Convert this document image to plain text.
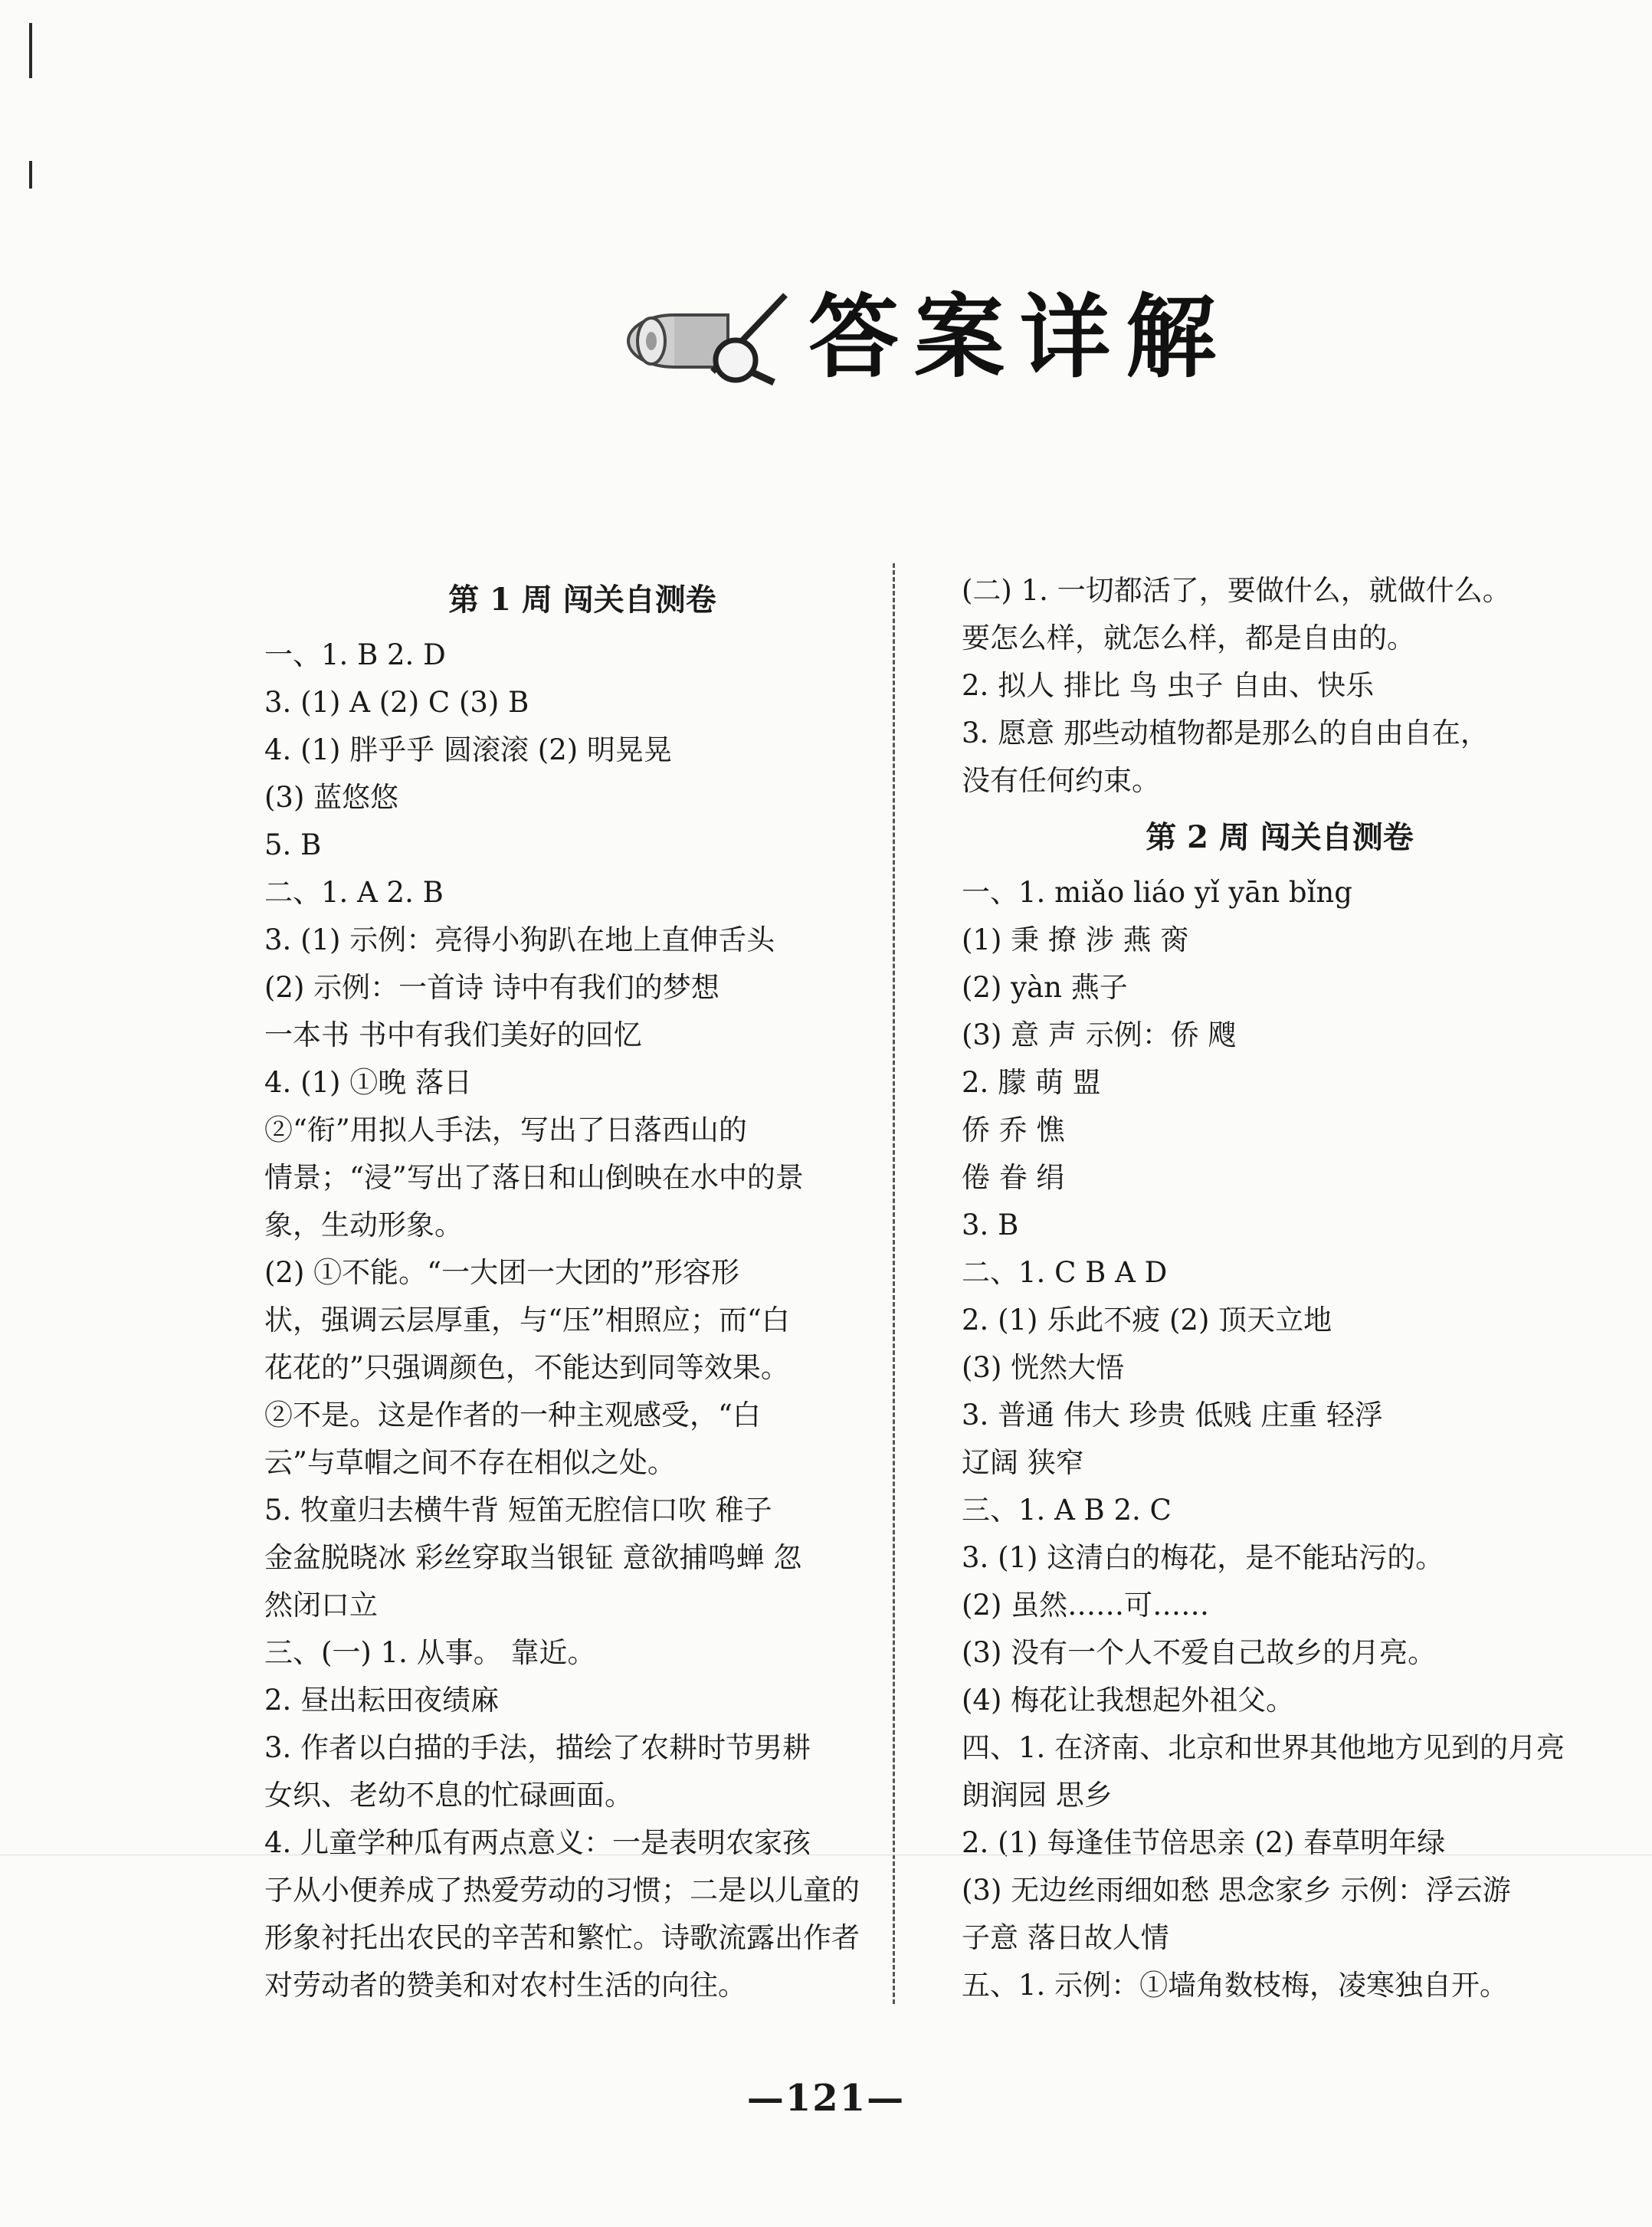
答案详解
第 1 周 闯关自测卷
一、1. B 2. D
3. (1) A (2) C (3) B
4. (1) 胖乎乎 圆滚滚 (2) 明晃晃
(3) 蓝悠悠
5. B
二、1. A 2. B
3. (1) 示例：亮得小狗趴在地上直伸舌头
(2) 示例：一首诗 诗中有我们的梦想
一本书 书中有我们美好的回忆
4. (1) ①晚 落日
②“衔”用拟人手法，写出了日落西山的
情景；“浸”写出了落日和山倒映在水中的景
象，生动形象。
(2) ①不能。“一大团一大团的”形容形
状，强调云层厚重，与“压”相照应；而“白
花花的”只强调颜色，不能达到同等效果。
②不是。这是作者的一种主观感受，“白
云”与草帽之间不存在相似之处。
5. 牧童归去横牛背 短笛无腔信口吹 稚子
金盆脱晓冰 彩丝穿取当银钲 意欲捕鸣蝉 忽
然闭口立
三、(一) 1. 从事。 靠近。
2. 昼出耘田夜绩麻
3. 作者以白描的手法，描绘了农耕时节男耕
女织、老幼不息的忙碌画面。
4. 儿童学种瓜有两点意义：一是表明农家孩
子从小便养成了热爱劳动的习惯；二是以儿童的
形象衬托出农民的辛苦和繁忙。诗歌流露出作者
对劳动者的赞美和对农村生活的向往。
(二) 1. 一切都活了，要做什么，就做什么。
要怎么样，就怎么样，都是自由的。
2. 拟人 排比 鸟 虫子 自由、快乐
3. 愿意 那些动植物都是那么的自由自在，
没有任何约束。
第 2 周 闯关自测卷
一、1. miǎo liáo yǐ yān bǐng
(1) 秉 撩 涉 燕 脔
(2) yàn 燕子
(3) 意 声 示例：侨 飕
2. 朦 萌 盟
侨 乔 憔
倦 眷 绢
3. B
二、1. C B A D
2. (1) 乐此不疲 (2) 顶天立地
(3) 恍然大悟
3. 普通 伟大 珍贵 低贱 庄重 轻浮
辽阔 狭窄
三、1. A B 2. C
3. (1) 这清白的梅花，是不能玷污的。
(2) 虽然……可……
(3) 没有一个人不爱自己故乡的月亮。
(4) 梅花让我想起外祖父。
四、1. 在济南、北京和世界其他地方见到的月亮
朗润园 思乡
2. (1) 每逢佳节倍思亲 (2) 春草明年绿
(3) 无边丝雨细如愁 思念家乡 示例：浮云游
子意 落日故人情
五、1. 示例：①墙角数枝梅，凌寒独自开。
—121—
